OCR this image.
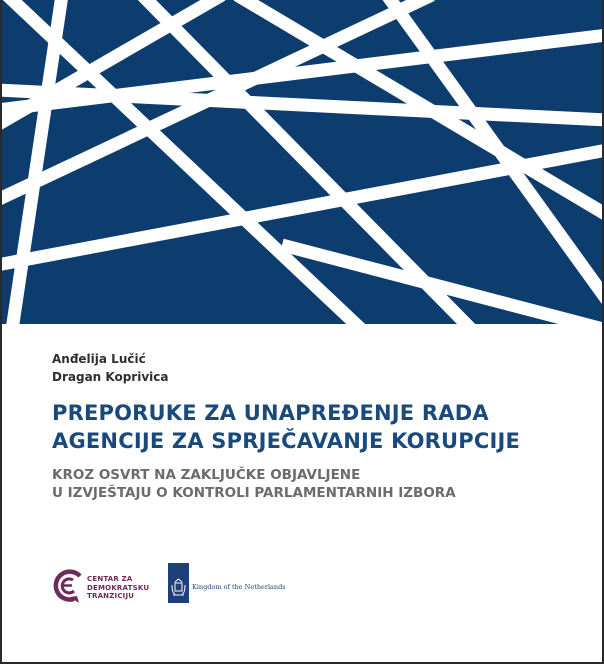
Anđelija Lučić
Dragan Koprivica
PREPORUKE ZA UNAPREĐENJE RADA
AGENCIJE ZA SPRJEČAVANJE KORUPCIJE
KROZ OSVRT NA ZAKLJUČKE OBJAVLJENE
U IZVJEŠTAJU O KONTROLI PARLAMENTARNIH IZBORA
CENTAR ZA
DEMOKRATSKU
TRANZICIJU
Kingdom of the Netherlands
